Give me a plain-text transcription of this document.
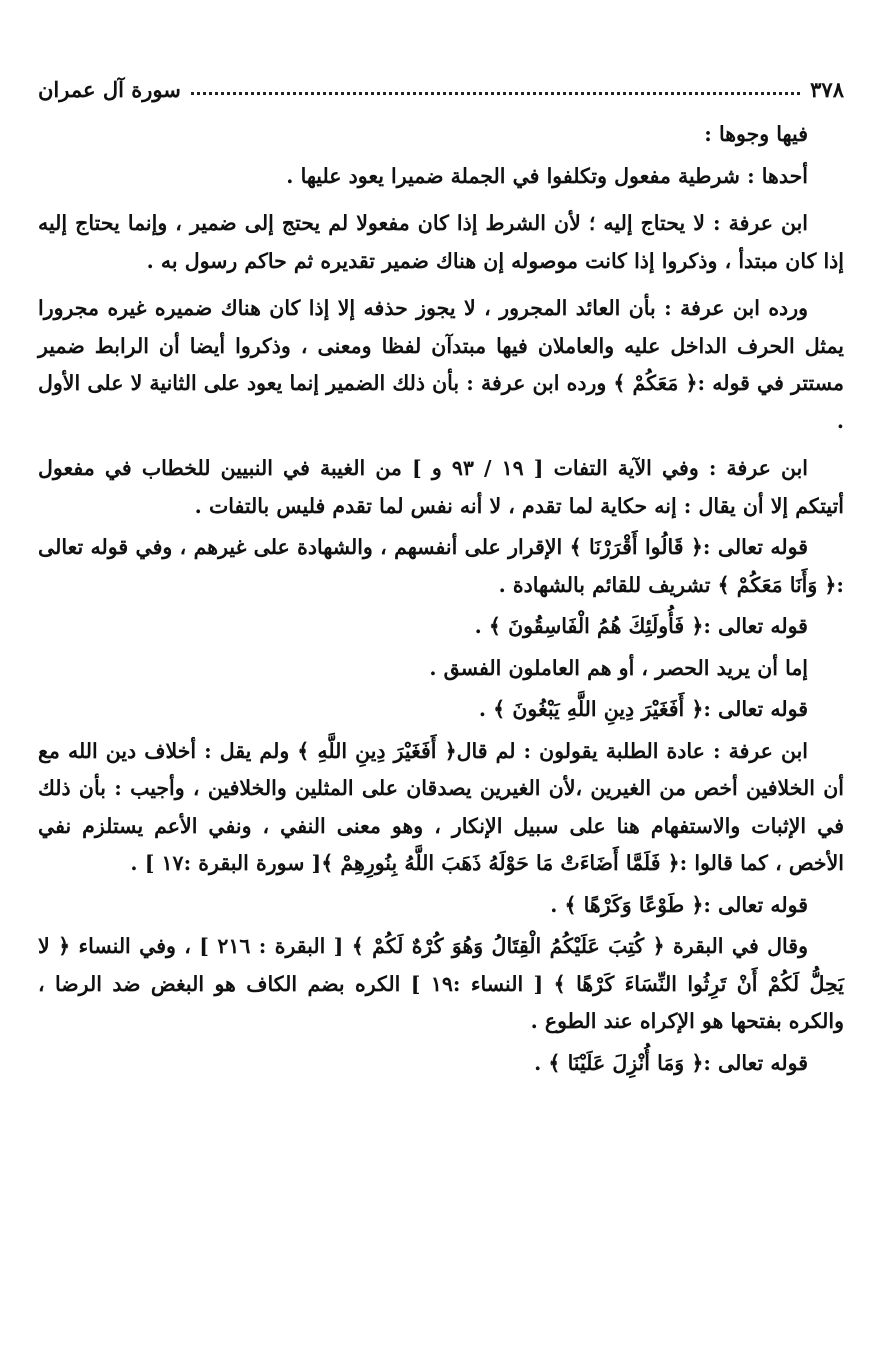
٣٧٨
سورة آل عمران

فيها وجوها :

أحدها : شرطية مفعول وتكلفوا في الجملة ضميرا يعود عليها .

ابن عرفة : لا يحتاج إليه ؛ لأن الشرط إذا كان مفعولا لم يحتج إلى ضمير ، وإنما يحتاج إليه إذا كان مبتدأ ، وذكروا إذا كانت موصوله إن هناك ضمير تقديره ثم حاكم رسول به .

ورده ابن عرفة : بأن العائد المجرور ، لا يجوز حذفه إلا إذا كان هناك ضميره غيره مجرورا يمثل الحرف الداخل عليه والعاملان فيها مبتدآن لفظا ومعنى ، وذكروا أيضا أن الرابط ضمير مستتر في قوله :﴿ مَعَكُمْ ﴾ ورده ابن عرفة : بأن ذلك الضمير إنما يعود على الثانية لا على الأول .

ابن عرفة : وفي الآية التفات [ ١٩ / ٩٣ و ] من الغيبة في النبيين للخطاب في مفعول أتيتكم إلا أن يقال : إنه حكاية لما تقدم ، لا أنه نفس لما تقدم فليس بالتفات .

قوله تعالى :﴿ قَالُوا أَقْرَرْنَا ﴾ الإقرار على أنفسهم ، والشهادة على غيرهم ، وفي قوله تعالى :﴿ وَأَنَا مَعَكُمْ ﴾ تشريف للقائم بالشهادة .

قوله تعالى :﴿ فَأُولَئِكَ هُمُ الْفَاسِقُونَ ﴾ .

إما أن يريد الحصر ، أو هم العاملون الفسق .

قوله تعالى :﴿ أَفَغَيْرَ دِينِ اللَّهِ يَبْغُونَ ﴾ .

ابن عرفة : عادة الطلبة يقولون : لم قال﴿ أَفَغَيْرَ دِينِ اللَّهِ ﴾ ولم يقل : أخلاف دين الله مع أن الخلافين أخص من الغيرين ،لأن الغيرين يصدقان على المثلين والخلافين ، وأجيب : بأن ذلك في الإثبات والاستفهام هنا على سبيل الإنكار ، وهو معنى النفي ، ونفي الأعم يستلزم نفي الأخص ، كما قالوا :﴿ فَلَمَّا أَضَاءَتْ مَا حَوْلَهُ ذَهَبَ اللَّهُ بِنُورِهِمْ ﴾[ سورة البقرة :١٧ ] .

قوله تعالى :﴿ طَوْعًا وَكَرْهًا ﴾ .

وقال في البقرة ﴿ كُتِبَ عَلَيْكُمُ الْقِتَالُ وَهُوَ كُرْهٌ لَكُمْ ﴾ [ البقرة : ٢١٦ ] ، وفي النساء ﴿ لا يَحِلُّ لَكُمْ أَنْ تَرِثُوا النِّسَاءَ كَرْهًا ﴾ [ النساء :١٩ ] الكره بضم الكاف هو البغض ضد الرضا ، والكره بفتحها هو الإكراه عند الطوع .

قوله تعالى :﴿ وَمَا أُنْزِلَ عَلَيْنَا ﴾ .
